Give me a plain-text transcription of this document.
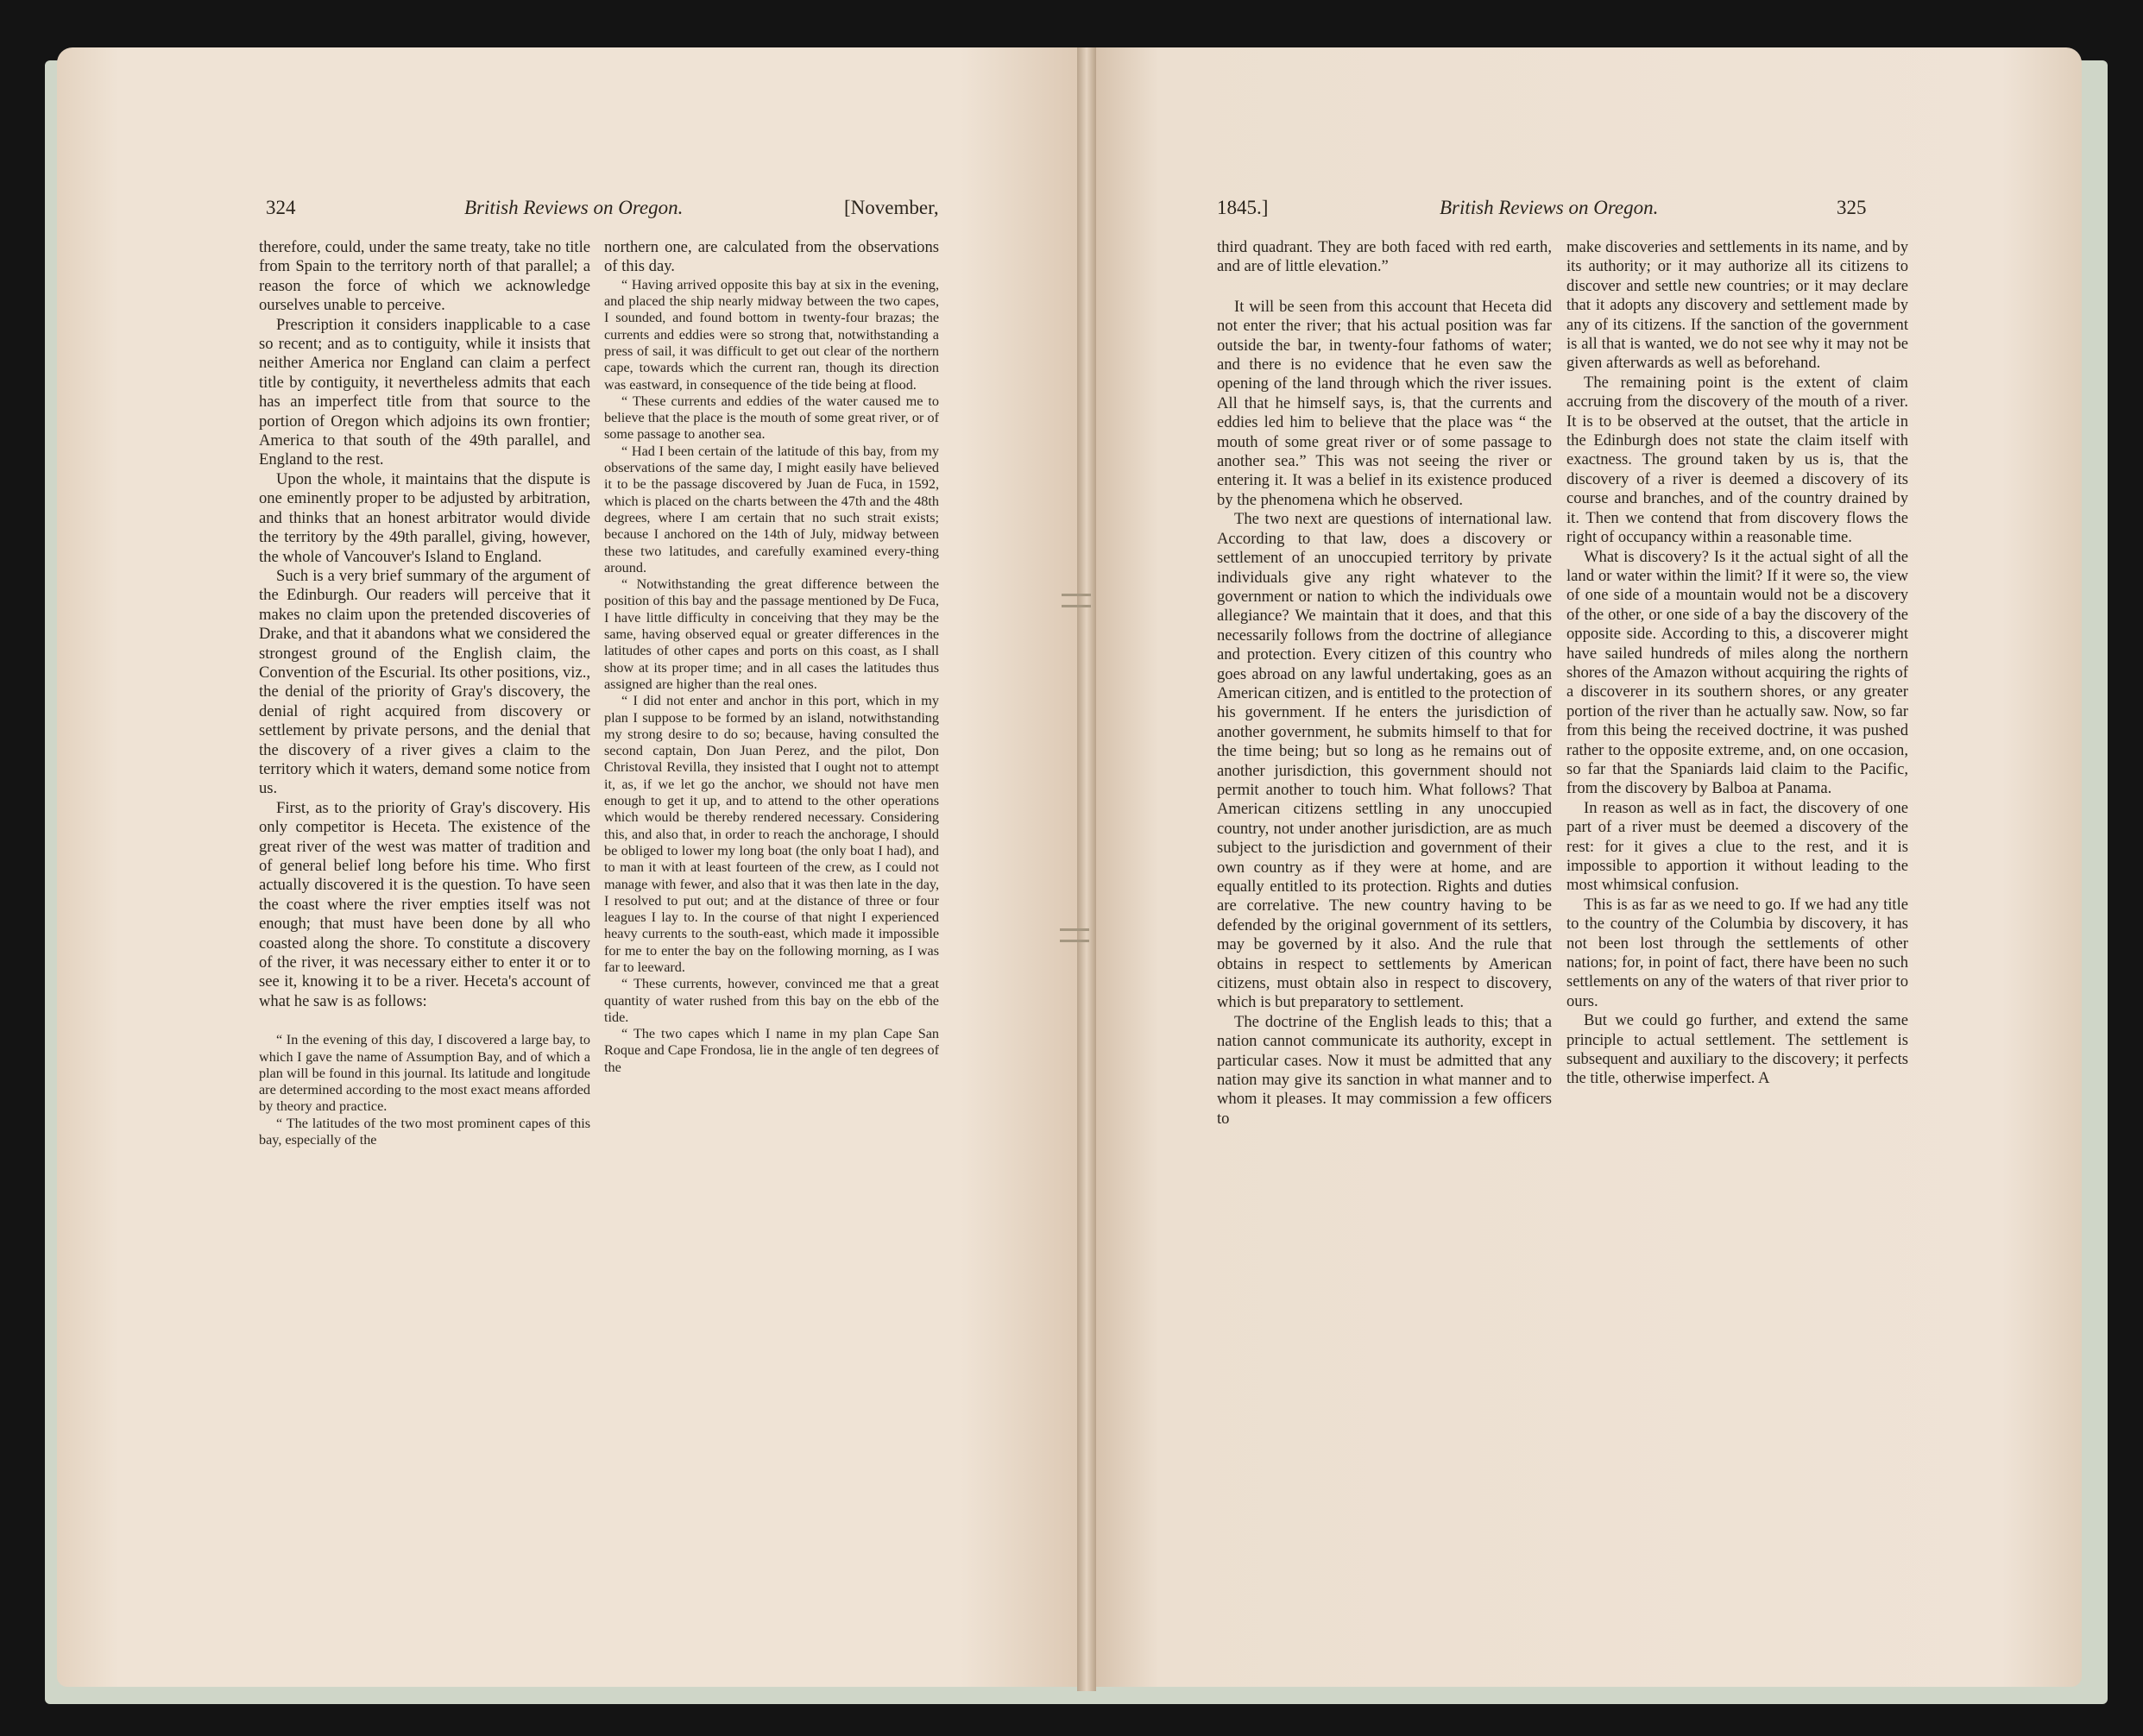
324	British Reviews on Oregon.	[November,	1845.]	British Reviews on Oregon.	325

therefore, could, under the same treaty, take no title from Spain to the territory north of that parallel; a reason the force of which we acknowledge ourselves unable to perceive.

Prescription it considers inapplicable to a case so recent; and as to contiguity, while it insists that neither America nor England can claim a perfect title by contiguity, it nevertheless admits that each has an imperfect title from that source to the portion of Oregon which adjoins its own frontier; America to that south of the 49th parallel, and England to the rest.

Upon the whole, it maintains that the dispute is one eminently proper to be adjusted by arbitration, and thinks that an honest arbitrator would divide the territory by the 49th parallel, giving, however, the whole of Vancouver's Island to England.

Such is a very brief summary of the argument of the Edinburgh. Our readers will perceive that it makes no claim upon the pretended discoveries of Drake, and that it abandons what we considered the strongest ground of the English claim, the Convention of the Escurial. Its other positions, viz., the denial of the priority of Gray's discovery, the denial of right acquired from discovery or settlement by private persons, and the denial that the discovery of a river gives a claim to the territory which it waters, demand some notice from us.

First, as to the priority of Gray's discovery. His only competitor is Heceta. The existence of the great river of the west was matter of tradition and of general belief long before his time. Who first actually discovered it is the question. To have seen the coast where the river empties itself was not enough; that must have been done by all who coasted along the shore. To constitute a discovery of the river, it was necessary either to enter it or to see it, knowing it to be a river. Heceta's account of what he saw is as follows:

“ In the evening of this day, I discovered a large bay, to which I gave the name of Assumption Bay, and of which a plan will be found in this journal. Its latitude and longitude are determined according to the most exact means afforded by theory and practice.

“ The latitudes of the two most prominent capes of this bay, especially of the

northern one, are calculated from the observations of this day.

“ Having arrived opposite this bay at six in the evening, and placed the ship nearly midway between the two capes, I sounded, and found bottom in twenty-four brazas; the currents and eddies were so strong that, notwithstanding a press of sail, it was difficult to get out clear of the northern cape, towards which the current ran, though its direction was eastward, in consequence of the tide being at flood.

“ These currents and eddies of the water caused me to believe that the place is the mouth of some great river, or of some passage to another sea.

“ Had I been certain of the latitude of this bay, from my observations of the same day, I might easily have believed it to be the passage discovered by Juan de Fuca, in 1592, which is placed on the charts between the 47th and the 48th degrees, where I am certain that no such strait exists; because I anchored on the 14th of July, midway between these two latitudes, and carefully examined every-thing around.

“ Notwithstanding the great difference between the position of this bay and the passage mentioned by De Fuca, I have little difficulty in conceiving that they may be the same, having observed equal or greater differences in the latitudes of other capes and ports on this coast, as I shall show at its proper time; and in all cases the latitudes thus assigned are higher than the real ones.

“ I did not enter and anchor in this port, which in my plan I suppose to be formed by an island, notwithstanding my strong desire to do so; because, having consulted the second captain, Don Juan Perez, and the pilot, Don Christoval Revilla, they insisted that I ought not to attempt it, as, if we let go the anchor, we should not have men enough to get it up, and to attend to the other operations which would be thereby rendered necessary. Considering this, and also that, in order to reach the anchorage, I should be obliged to lower my long boat (the only boat I had), and to man it with at least fourteen of the crew, as I could not manage with fewer, and also that it was then late in the day, I resolved to put out; and at the distance of three or four leagues I lay to. In the course of that night I experienced heavy currents to the south-east, which made it impossible for me to enter the bay on the following morning, as I was far to leeward.

“ These currents, however, convinced me that a great quantity of water rushed from this bay on the ebb of the tide.

“ The two capes which I name in my plan Cape San Roque and Cape Frondosa, lie in the angle of ten degrees of the

third quadrant. They are both faced with red earth, and are of little elevation.”

It will be seen from this account that Heceta did not enter the river; that his actual position was far outside the bar, in twenty-four fathoms of water; and there is no evidence that he even saw the opening of the land through which the river issues. All that he himself says, is, that the currents and eddies led him to believe that the place was “ the mouth of some great river or of some passage to another sea.” This was not seeing the river or entering it. It was a belief in its existence produced by the phenomena which he observed.

The two next are questions of international law. According to that law, does a discovery or settlement of an unoccupied territory by private individuals give any right whatever to the government or nation to which the individuals owe allegiance? We maintain that it does, and that this necessarily follows from the doctrine of allegiance and protection. Every citizen of this country who goes abroad on any lawful undertaking, goes as an American citizen, and is entitled to the protection of his government. If he enters the jurisdiction of another government, he submits himself to that for the time being; but so long as he remains out of another jurisdiction, this government should not permit another to touch him. What follows? That American citizens settling in any unoccupied country, not under another jurisdiction, are as much subject to the jurisdiction and government of their own country as if they were at home, and are equally entitled to its protection. Rights and duties are correlative. The new country having to be defended by the original government of its settlers, may be governed by it also. And the rule that obtains in respect to settlements by American citizens, must obtain also in respect to discovery, which is but preparatory to settlement.

The doctrine of the English leads to this; that a nation cannot communicate its authority, except in particular cases. Now it must be admitted that any nation may give its sanction in what manner and to whom it pleases. It may commission a few officers to

make discoveries and settlements in its name, and by its authority; or it may authorize all its citizens to discover and settle new countries; or it may declare that it adopts any discovery and settlement made by any of its citizens. If the sanction of the government is all that is wanted, we do not see why it may not be given afterwards as well as beforehand.

The remaining point is the extent of claim accruing from the discovery of the mouth of a river. It is to be observed at the outset, that the article in the Edinburgh does not state the claim itself with exactness. The ground taken by us is, that the discovery of a river is deemed a discovery of its course and branches, and of the country drained by it. Then we contend that from discovery flows the right of occupancy within a reasonable time.

What is discovery? Is it the actual sight of all the land or water within the limit? If it were so, the view of one side of a mountain would not be a discovery of the other, or one side of a bay the discovery of the opposite side. According to this, a discoverer might have sailed hundreds of miles along the northern shores of the Amazon without acquiring the rights of a discoverer in its southern shores, or any greater portion of the river than he actually saw. Now, so far from this being the received doctrine, it was pushed rather to the opposite extreme, and, on one occasion, so far that the Spaniards laid claim to the Pacific, from the discovery by Balboa at Panama.

In reason as well as in fact, the discovery of one part of a river must be deemed a discovery of the rest: for it gives a clue to the rest, and it is impossible to apportion it without leading to the most whimsical confusion.

This is as far as we need to go. If we had any title to the country of the Columbia by discovery, it has not been lost through the settlements of other nations; for, in point of fact, there have been no such settlements on any of the waters of that river prior to ours.

But we could go further, and extend the same principle to actual settlement. The settlement is subsequent and auxiliary to the discovery; it perfects the title, otherwise imperfect. A
